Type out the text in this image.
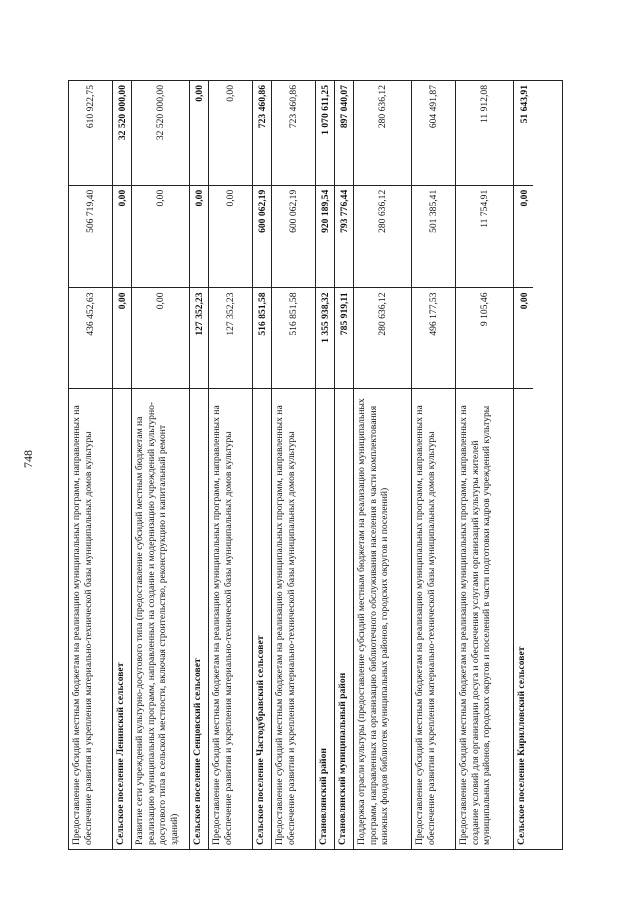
748	Предоставление субсидий местным бюджетам на реализацию муниципальных программ, направленных на обеспечение развития и укрепления материально-технической базы муниципальных домов культуры
436 452,63
506 719,40
610 922,75
Сельское поселение Ленинский сельсовет
0,00
0,00
32 520 000,00
Развитие сети учреждений культурно-досугового типа (предоставление субсидий местным бюджетам на реализацию муниципальных программ, направленных на создание и модернизацию учреждений культурно-досугового типа в сельской местности, включая строительство, реконструкцию и капитальный ремонт зданий)
0,00
0,00
32 520 000,00
Сельское поселение Сенцовский сельсовет
127 352,23
0,00
0,00
Предоставление субсидий местным бюджетам на реализацию муниципальных программ, направленных на обеспечение развития и укрепления материально-технической базы муниципальных домов культуры
127 352,23
0,00
0,00
Сельское поселение Частодубравский сельсовет
516 851,58
600 062,19
723 460,86
Предоставление субсидий местным бюджетам на реализацию муниципальных программ, направленных на обеспечение развития и укрепления материально-технической базы муниципальных домов культуры
516 851,58
600 062,19
723 460,86
Становлянский район
1 355 938,32
920 189,54
1 070 611,25
Становлянский муниципальный район
785 919,11
793 776,44
897 040,07
Поддержка отрасли культуры (предоставление субсидий местным бюджетам на реализацию муниципальных программ, направленных на организацию библиотечного обслуживания населения в части комплектования книжных фондов библиотек муниципальных районов, городских округов и поселений)
280 636,12
280 636,12
280 636,12
Предоставление субсидий местным бюджетам на реализацию муниципальных программ, направленных на обеспечение развития и укрепления материально-технической базы муниципальных домов культуры
496 177,53
501 385,41
604 491,87
Предоставление субсидий местным бюджетам на реализацию муниципальных программ, направленных на создание условий для организации досуга и обеспечения услугами организаций культуры жителей муниципальных районов, городских округов и поселений в части подготовки кадров учреждений культуры
9 105,46
11 754,91
11 912,08
Сельское поселение Кирилловский сельсовет
0,00
0,00
51 643,91
